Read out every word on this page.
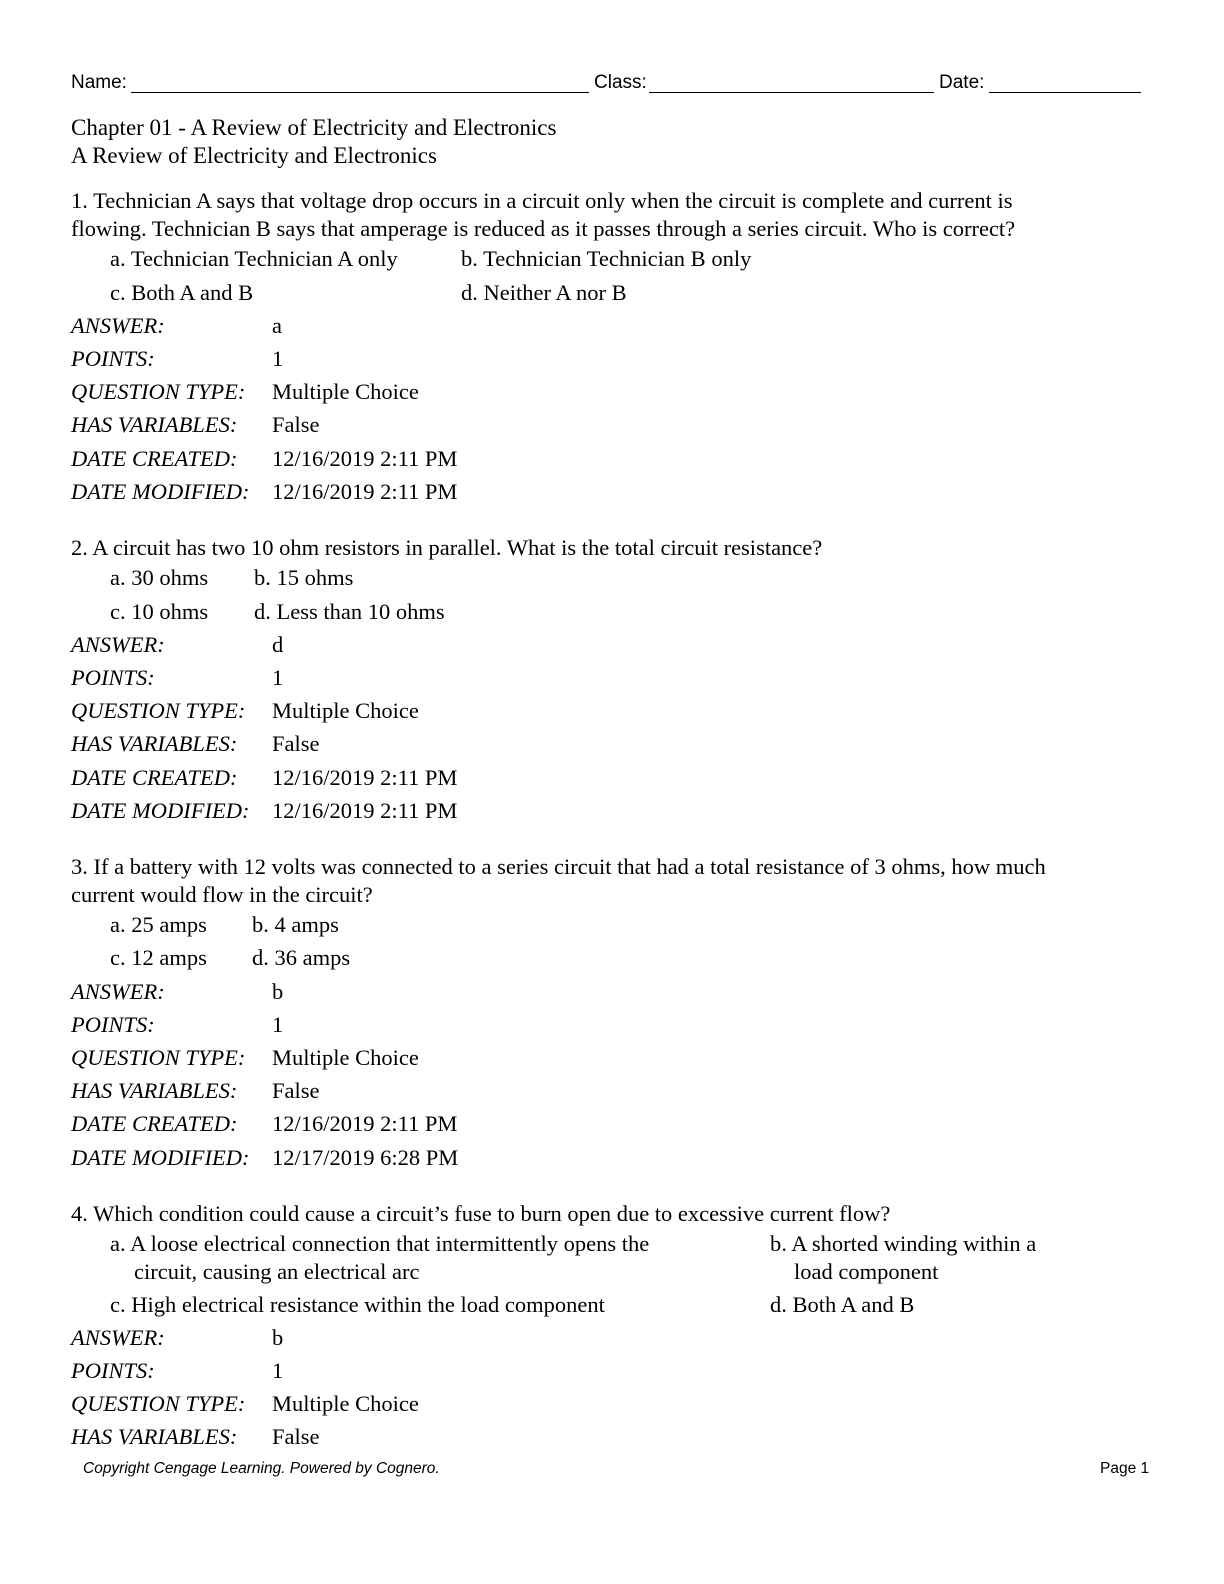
Name:	Class:	Date:
Chapter 01 - A Review of Electricity and Electronics
A Review of Electricity and Electronics
1. Technician A says that voltage drop occurs in a circuit only when the circuit is complete and current is
flowing. Technician B says that amperage is reduced as it passes through a series circuit. Who is correct?
a. Technician Technician A only	b. Technician Technician B only
c. Both A and B	d. Neither A nor B
ANSWER:	a
POINTS:	1
QUESTION TYPE: Multiple Choice
HAS VARIABLES: False
DATE CREATED: 12/16/2019 2:11 PM
DATE MODIFIED: 12/16/2019 2:11 PM
2. A circuit has two 10 ohm resistors in parallel. What is the total circuit resistance?
a. 30 ohms b. 15 ohms
c. 10 ohms d. Less than 10 ohms
ANSWER:	d
POINTS:	1
QUESTION TYPE: Multiple Choice
HAS VARIABLES: False
DATE CREATED: 12/16/2019 2:11 PM
DATE MODIFIED: 12/16/2019 2:11 PM
3. If a battery with 12 volts was connected to a series circuit that had a total resistance of 3 ohms, how much
current would flow in the circuit?
a. 25 amps b. 4 amps
c. 12 amps d. 36 amps
ANSWER:	b
POINTS:	1
QUESTION TYPE: Multiple Choice
HAS VARIABLES: False
DATE CREATED: 12/16/2019 2:11 PM
DATE MODIFIED: 12/17/2019 6:28 PM
4. Which condition could cause a circuit’s fuse to burn open due to excessive current flow?
a. A loose electrical connection that intermittently opens the
circuit, causing an electrical arc
b. A shorted winding within a
load component
c. High electrical resistance within the load component	d. Both A and B
ANSWER:	b
POINTS:	1
QUESTION TYPE: Multiple Choice
HAS VARIABLES: False
Copyright Cengage Learning. Powered by Cognero.	Page 1
